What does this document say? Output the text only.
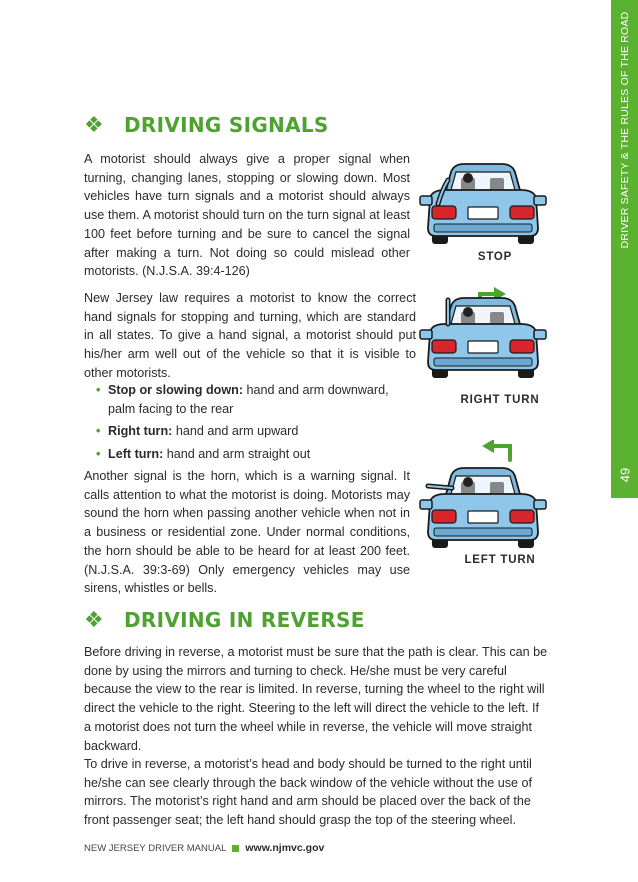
DRIVER SAFETY & THE RULES OF THE ROAD
49
❖	DRIVING SIGNALS

A motorist should always give a proper signal when turning, changing lanes, stopping or slowing down. Most vehicles have turn signals and a motorist should always use them. A motorist should turn on the turn signal at least 100 feet before turning and be sure to cancel the signal after making a turn. Not doing so could mislead other motorists. (N.J.S.A. 39:4-126)

New Jersey law requires a motorist to know the correct hand signals for stopping and turning, which are standard in all states. To give a hand signal, a motorist should put his/her arm well out of the vehicle so that it is visible to other motorists.

• Stop or slowing down: hand and arm downward, palm facing to the rear
• Right turn: hand and arm upward
• Left turn: hand and arm straight out

Another signal is the horn, which is a warning signal. It calls attention to what the motorist is doing. Motorists may sound the horn when passing another vehicle when not in a business or residential zone. Under normal conditions, the horn should be able to be heard for at least 200 feet. (N.J.S.A. 39:3-69) Only emergency vehicles may use sirens, whistles or bells.

STOP
RIGHT TURN
LEFT TURN
❖	DRIVING IN REVERSE

Before driving in reverse, a motorist must be sure that the path is clear. This can be done by using the mirrors and turning to check. He/she must be very careful because the view to the rear is limited. In reverse, turning the wheel to the right will direct the vehicle to the right. Steering to the left will direct the vehicle to the left. If a motorist does not turn the wheel while in reverse, the vehicle will move straight backward.

To drive in reverse, a motorist’s head and body should be turned to the right until he/she can see clearly through the back window of the vehicle without the use of mirrors. The motorist’s right hand and arm should be placed over the back of the front passenger seat; the left hand should grasp the top of the steering wheel.

NEW JERSEY DRIVER MANUAL www.njmvc.gov
